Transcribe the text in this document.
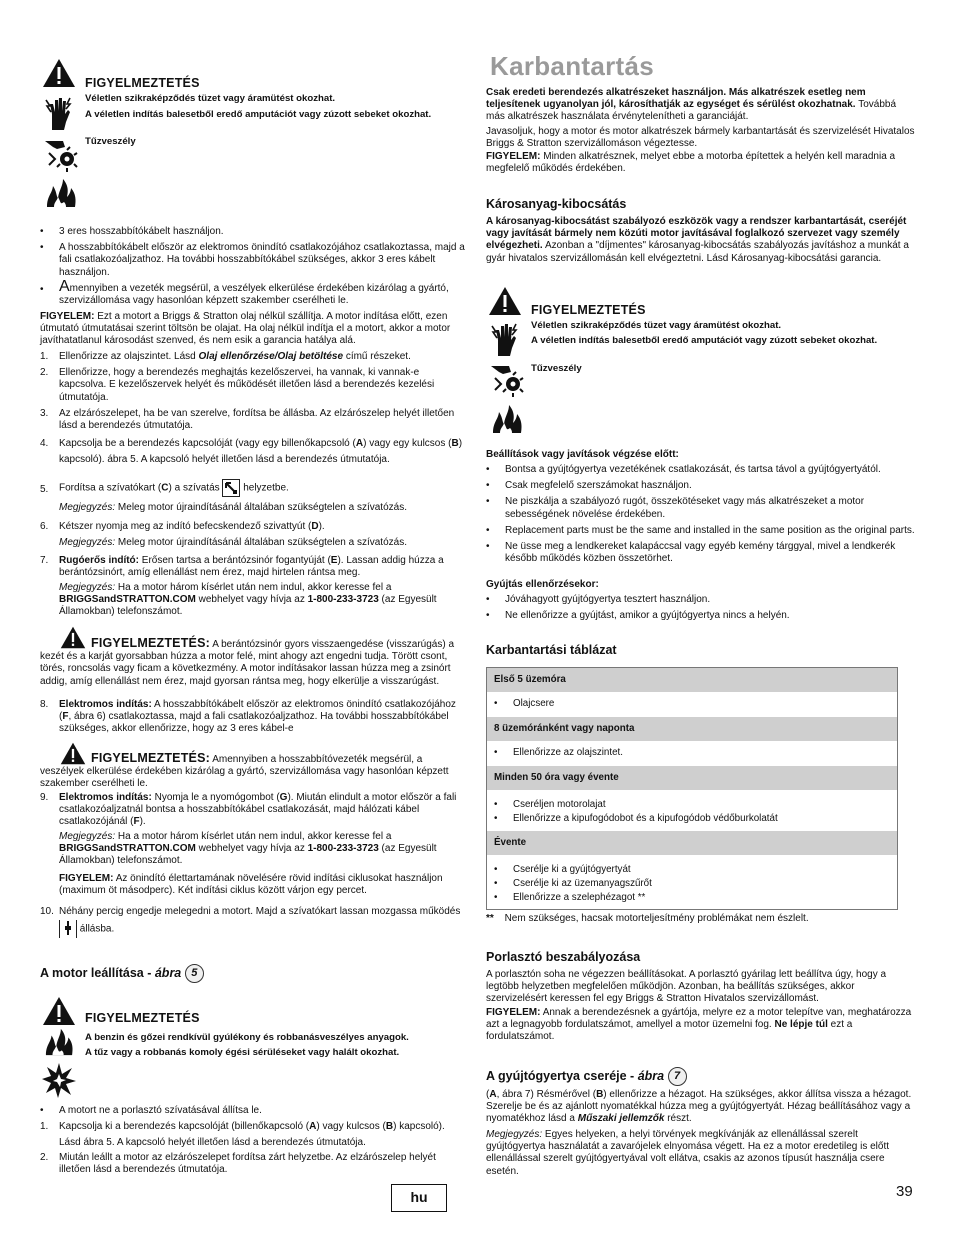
FIGYELMEZTETÉS
Véletlen szikraképződés tüzet vagy áramütést okozhat.
A véletlen indítás balesetből eredő amputációt vagy zúzott sebeket okozhat.
Tűzveszély
• 3 eres hosszabbítókábelt használjon.
• A hosszabbítókábelt először az elektromos önindító csatlakozójához csatlakoztassa, majd a fali csatlakozóaljzathoz. Ha további hosszabbítókábel szükséges, akkor 3 eres kábelt használjon.
• Amennyiben a vezeték megsérül, a veszélyek elkerülése érdekében kizárólag a gyártó, szervizállomása vagy hasonlóan képzett szakember cserélheti le.

FIGYELEM: Ezt a motort a Briggs & Stratton olaj nélkül szállítja. A motor indítása előtt, ezen útmutató útmutatásai szerint töltsön be olajat. Ha olaj nélkül indítja el a motort, akkor a motor javíthatatlanul károsodást szenved, és nem esik a garancia hatálya alá.

1. Ellenőrizze az olajszintet. Lásd Olaj ellenőrzése/Olaj betöltése című részeket.
2. Ellenőrizze, hogy a berendezés meghajtás kezelőszervei, ha vannak, ki vannak-e kapcsolva. E kezelőszervek helyét és működését illetően lásd a berendezés kezelési útmutatója.
3. Az elzárószelepet, ha be van szerelve, fordítsa be állásba. Az elzárószelep helyét illetően lásd a berendezés útmutatója.
4. Kapcsolja be a berendezés kapcsolóját (vagy egy billenőkapcsoló (A) vagy egy kulcsos (B) kapcsoló). ábra 5. A kapcsoló helyét illetően lásd a berendezés útmutatója.
5. Fordítsa a szívatókart (C) a szívatás helyzetbe.
Megjegyzés: Meleg motor újraindításánál általában szükségtelen a szívatózás.
6. Kétszer nyomja meg az indító befecskendező szivattyút (D).
Megjegyzés: Meleg motor újraindításánál általában szükségtelen a szívatózás.
7. Rugóerős indító: Erősen tartsa a berántózsinór fogantyúját (E). Lassan addig húzza a berántózsinórt, amíg ellenállást nem érez, majd hirtelen rántsa meg.
Megjegyzés: Ha a motor három kísérlet után nem indul, akkor keresse fel a BRIGGSandSTRATTON.COM webhelyet vagy hívja az 1-800-233-3723 (az Egyesült Államokban) telefonszámot.
FIGYELMEZTETÉS: A berántózsinór gyors visszaengedése (visszarúgás) a kezét és a karját gyorsabban húzza a motor felé, mint ahogy azt engedni tudja. Törött csont, törés, roncsolás vagy ficam a következmény. A motor indításakor lassan húzza meg a zsinórt addig, amíg ellenállást nem érez, majd gyorsan rántsa meg, hogy elkerülje a visszarúgást.
8. Elektromos indítás: A hosszabbítókábelt először az elektromos önindító csatlakozójához (F, ábra 6) csatlakoztassa, majd a fali csatlakozóaljzathoz. Ha további hosszabbítókábel szükséges, akkor ellenőrizze, hogy az 3 eres kábel-e
FIGYELMEZTETÉS: Amennyiben a hosszabbítóvezeték megsérül, a veszélyek elkerülése érdekében kizárólag a gyártó, szervizállomása vagy hasonlóan képzett szakember cserélheti le.
9. Elektromos indítás: Nyomja le a nyomógombot (G). Miután elindult a motor először a fali csatlakozóaljzatnál bontsa a hosszabbítókábel csatlakozását, majd hálózati kábel csatlakozójánál (F).
Megjegyzés: Ha a motor három kísérlet után nem indul, akkor keresse fel a BRIGGSandSTRATTON.COM webhelyet vagy hívja az 1-800-233-3723 (az Egyesült Államokban) telefonszámot.
FIGYELEM: Az önindító élettartamának növelésére rövid indítási ciklusokat használjon (maximum öt másodperc). Két indítási ciklus között várjon egy percet.
10. Néhány percig engedje melegedni a motort. Majd a szívatókart lassan mozgassa működés  állásba.
A motor leállítása - ábra 5
FIGYELMEZTETÉS
A benzin és gőzei rendkívül gyúlékony és robbanásveszélyes anyagok.
A tűz vagy a robbanás komoly égési sérüléseket vagy halált okozhat.
• A motort ne a porlasztó szívatásával állítsa le.
1. Kapcsolja ki a berendezés kapcsolóját (billenőkapcsoló (A) vagy kulcsos (B) kapcsoló). Lásd ábra 5. A kapcsoló helyét illetően lásd a berendezés útmutatója.
2. Miután leállt a motor az elzárószelepet fordítsa zárt helyzetbe. Az elzárószelep helyét illetően lásd a berendezés útmutatója.
Karbantartás

Csak eredeti berendezés alkatrészeket használjon. Más alkatrészek esetleg nem teljesítenek ugyanolyan jól, károsíthatják az egységet és sérülést okozhatnak. Továbbá más alkatrészek használata érvénytelenítheti a garanciáját.

Javasoljuk, hogy a motor és motor alkatrészek bármely karbantartását és szervizelését Hivatalos Briggs & Stratton szervizállomáson végeztesse.

FIGYELEM: Minden alkatrésznek, melyet ebbe a motorba építettek a helyén kell maradnia a megfelelő működés érdekében.

Károsanyag-kibocsátás

A károsanyag-kibocsátást szabályozó eszközök vagy a rendszer karbantartását, cseréjét vagy javítását bármely nem közúti motor javításával foglalkozó szervezet vagy személy elvégezheti. Azonban a "díjmentes" károsanyag-kibocsátás szabályozás javításhoz a munkát a gyár hivatalos szervizállomásán kell elvégeztetni. Lásd Károsanyag-kibocsátási garancia.

FIGYELMEZTETÉS
Véletlen szikraképződés tüzet vagy áramütést okozhat.
A véletlen indítás balesetből eredő amputációt vagy zúzott sebeket okozhat.
Tűzveszély
Beállítások vagy javítások végzése előtt:
• Bontsa a gyújtógyertya vezetékének csatlakozását, és tartsa távol a gyújtógyertyától.
• Csak megfelelő szerszámokat használjon.
• Ne piszkálja a szabályozó rugót, összekötéseket vagy más alkatrészeket a motor sebességének növelése érdekében.
• Replacement parts must be the same and installed in the same position as the original parts.
• Ne üsse meg a lendkereket kalapáccsal vagy egyéb kemény tárggyal, mivel a lendkerék később működés közben összetörhet.
Gyújtás ellenőrzésekor:
• Jóváhagyott gyújtógyertya tesztert használjon.
• Ne ellenőrizze a gyújtást, amikor a gyújtógyertya nincs a helyén.
Karbantartási táblázat
Első 5 üzemóra

• Olajcsere

8 üzemóránként vagy naponta

• Ellenőrizze az olajszintet.

Minden 50 óra vagy évente

• Cseréljen motorolajat
• Ellenőrizze a kipufogódobot és a kipufogódob védőburkolatát

Évente

• Cserélje ki a gyújtógyertyát
• Cserélje ki az üzemanyagszűrőt
• Ellenőrizze a szelephézagot **
** Nem szükséges, hacsak motorteljesítmény problémákat nem észlelt.
Porlasztó beszabályozása

A porlasztón soha ne végezzen beállításokat. A porlasztó gyárilag lett beállítva úgy, hogy a legtöbb helyzetben megfelelően működjön. Azonban, ha beállítás szükséges, akkor szervizelésért keressen fel egy Briggs & Stratton Hivatalos szervizállomást.

FIGYELEM: Annak a berendezésnek a gyártója, melyre ez a motor telepítve van, meghatározza azt a legnagyobb fordulatszámot, amellyel a motor üzemelni fog. Ne lépje túl ezt a fordulatszámot.

A gyújtógyertya cseréje - ábra 7

(A, ábra 7) Résmérővel (B) ellenőrizze a hézagot. Ha szükséges, akkor állítsa vissza a hézagot. Szerelje be és az ajánlott nyomatékkal húzza meg a gyújtógyertyát. Hézag beállításához vagy a nyomatékhoz lásd a Műszaki jellemzők részt.

Megjegyzés: Egyes helyeken, a helyi törvények megkívánják az ellenállással szerelt gyújtógyertya használatát a zavarójelek elnyomása végett. Ha ez a motor eredetileg is előtt ellenállással szerelt gyújtógyertyával volt ellátva, csakis az azonos típusút használja csere esetén.

hu	39
